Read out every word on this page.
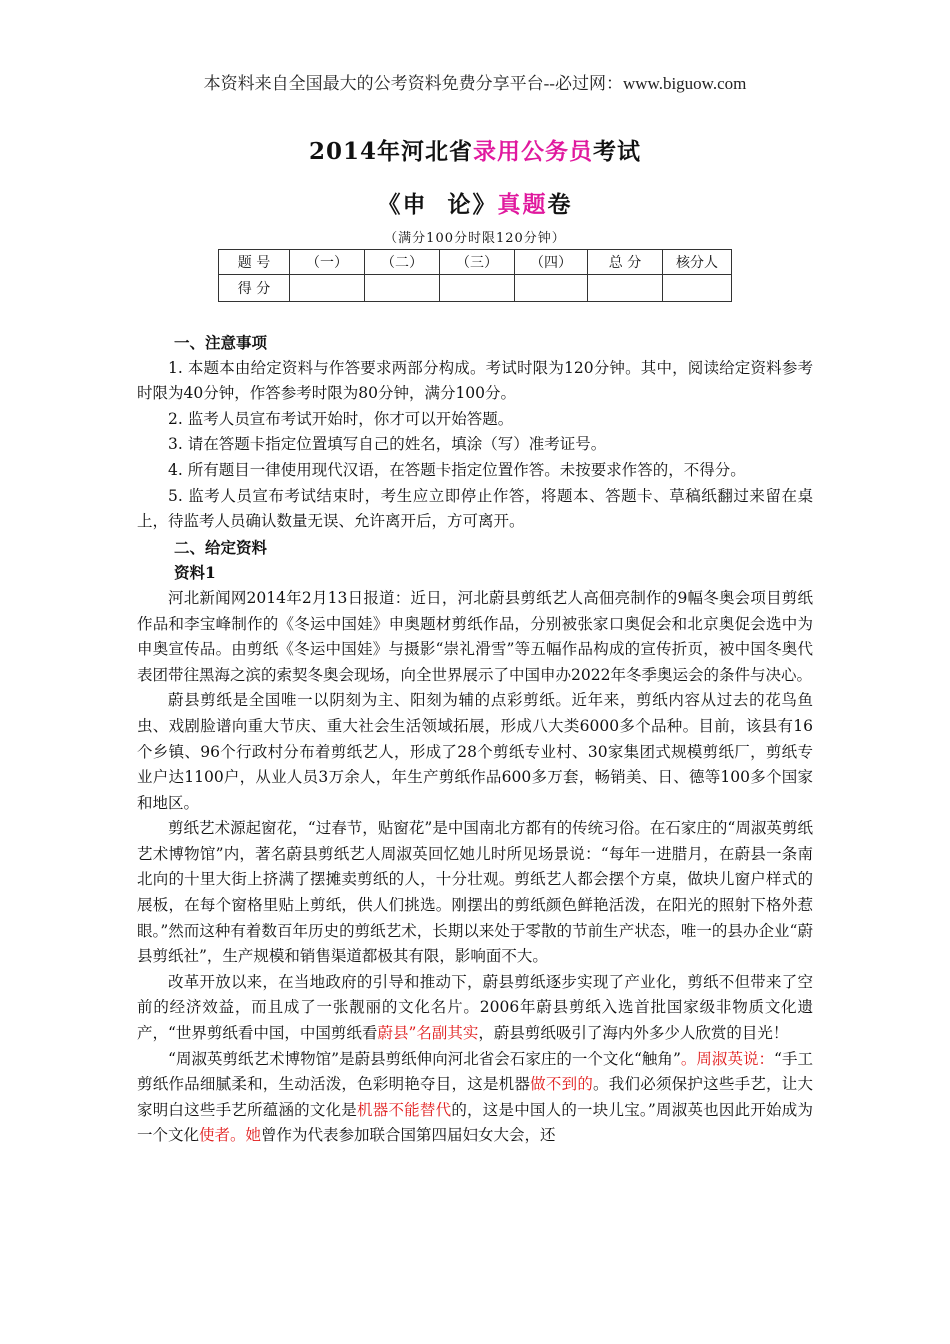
本资料来自全国最大的公考资料免费分享平台--必过网：www.biguow.com
2014年河北省录用公务员考试
《申  论》真题卷
（满分100分时限120分钟）
题 号	（一）	（二）	（三）	（四）	总 分	核分人
得 分						

一、注意事项

1. 本题本由给定资料与作答要求两部分构成。考试时限为120分钟。其中，阅读给定资料参考时限为40分钟，作答参考时限为80分钟，满分100分。

2. 监考人员宣布考试开始时，你才可以开始答题。

3. 请在答题卡指定位置填写自己的姓名，填涂（写）准考证号。

4. 所有题目一律使用现代汉语，在答题卡指定位置作答。未按要求作答的，不得分。

5. 监考人员宣布考试结束时，考生应立即停止作答，将题本、答题卡、草稿纸翻过来留在桌上，待监考人员确认数量无误、允许离开后，方可离开。

二、给定资料

资料1

河北新闻网2014年2月13日报道：近日，河北蔚县剪纸艺人高佃亮制作的9幅冬奥会项目剪纸作品和李宝峰制作的《冬运中国娃》申奥题材剪纸作品，分别被张家口奥促会和北京奥促会选中为申奥宣传品。由剪纸《冬运中国娃》与摄影“崇礼滑雪”等五幅作品构成的宣传折页，被中国冬奥代表团带往黑海之滨的索契冬奥会现场，向全世界展示了中国申办2022年冬季奥运会的条件与决心。

蔚县剪纸是全国唯一以阴刻为主、阳刻为辅的点彩剪纸。近年来，剪纸内容从过去的花鸟鱼虫、戏剧脸谱向重大节庆、重大社会生活领域拓展，形成八大类6000多个品种。目前，该县有16个乡镇、96个行政村分布着剪纸艺人，形成了28个剪纸专业村、30家集团式规模剪纸厂，剪纸专业户达1100户，从业人员3万余人，年生产剪纸作品600多万套，畅销美、日、德等100多个国家和地区。

剪纸艺术源起窗花，“过春节，贴窗花”是中国南北方都有的传统习俗。在石家庄的“周淑英剪纸艺术博物馆”内，著名蔚县剪纸艺人周淑英回忆她儿时所见场景说：“每年一进腊月，在蔚县一条南北向的十里大街上挤满了摆摊卖剪纸的人，十分壮观。剪纸艺人都会摆个方桌，做块儿窗户样式的展板，在每个窗格里贴上剪纸，供人们挑选。刚摆出的剪纸颜色鲜艳活泼，在阳光的照射下格外惹眼。”然而这种有着数百年历史的剪纸艺术，长期以来处于零散的节前生产状态，唯一的县办企业“蔚县剪纸社”，生产规模和销售渠道都极其有限，影响面不大。

改革开放以来，在当地政府的引导和推动下，蔚县剪纸逐步实现了产业化，剪纸不但带来了空前的经济效益，而且成了一张靓丽的文化名片。2006年蔚县剪纸入选首批国家级非物质文化遗产，“世界剪纸看中国，中国剪纸看蔚县”名副其实，蔚县剪纸吸引了海内外多少人欣赏的目光！

“周淑英剪纸艺术博物馆”是蔚县剪纸伸向河北省会石家庄的一个文化“触角”。周淑英说：“手工剪纸作品细腻柔和，生动活泼，色彩明艳夺目，这是机器做不到的。我们必须保护这些手艺，让大家明白这些手艺所蕴涵的文化是机器不能替代的，这是中国人的一块儿宝。”周淑英也因此开始成为一个文化使者。她曾作为代表参加联合国第四届妇女大会，还
